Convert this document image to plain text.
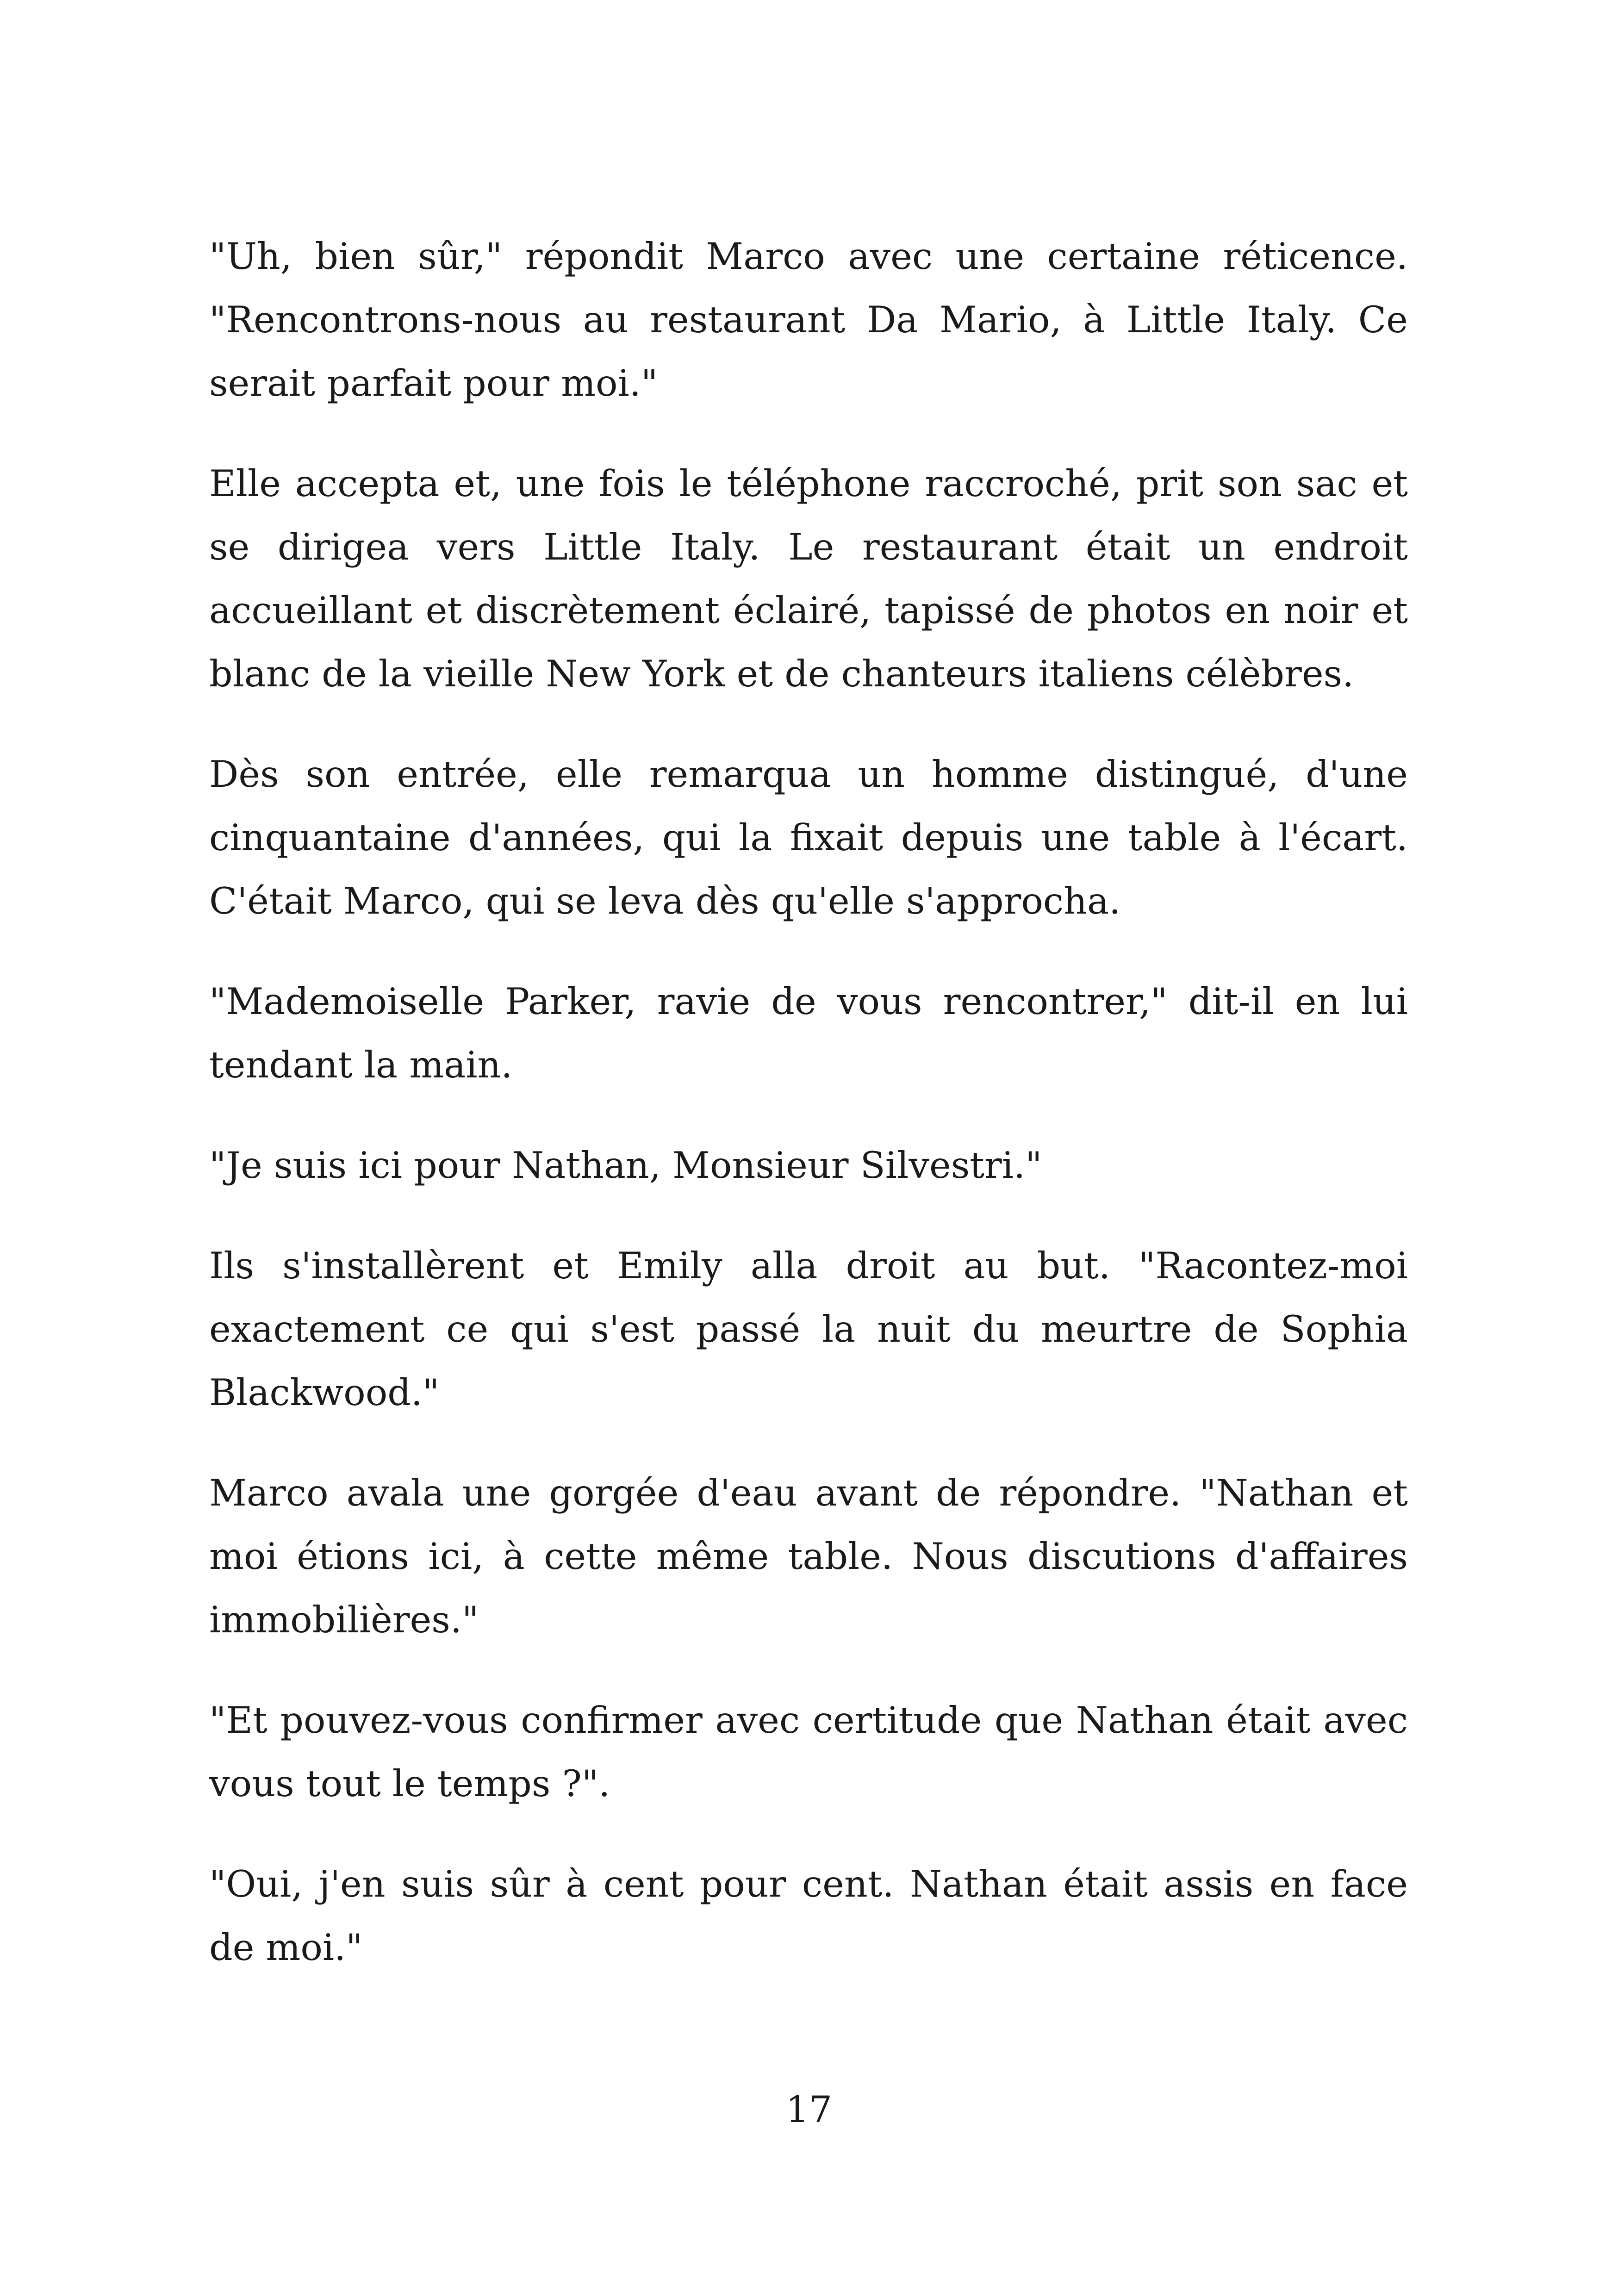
"Uh, bien sûr," répondit Marco avec une certaine réticence. "Rencontrons-nous au restaurant Da Mario, à Little Italy. Ce serait parfait pour moi."

Elle accepta et, une fois le téléphone raccroché, prit son sac et se dirigea vers Little Italy. Le restaurant était un endroit accueillant et discrètement éclairé, tapissé de photos en noir et blanc de la vieille New York et de chanteurs italiens célèbres.

Dès son entrée, elle remarqua un homme distingué, d'une cinquantaine d'années, qui la fixait depuis une table à l'écart. C'était Marco, qui se leva dès qu'elle s'approcha.

"Mademoiselle Parker, ravie de vous rencontrer," dit-il en lui tendant la main.

"Je suis ici pour Nathan, Monsieur Silvestri."

Ils s'installèrent et Emily alla droit au but. "Racontez-moi exactement ce qui s'est passé la nuit du meurtre de Sophia Blackwood."

Marco avala une gorgée d'eau avant de répondre. "Nathan et moi étions ici, à cette même table. Nous discutions d'affaires immobilières."

"Et pouvez-vous confirmer avec certitude que Nathan était avec vous tout le temps ?".

"Oui, j'en suis sûr à cent pour cent. Nathan était assis en face de moi."

17
